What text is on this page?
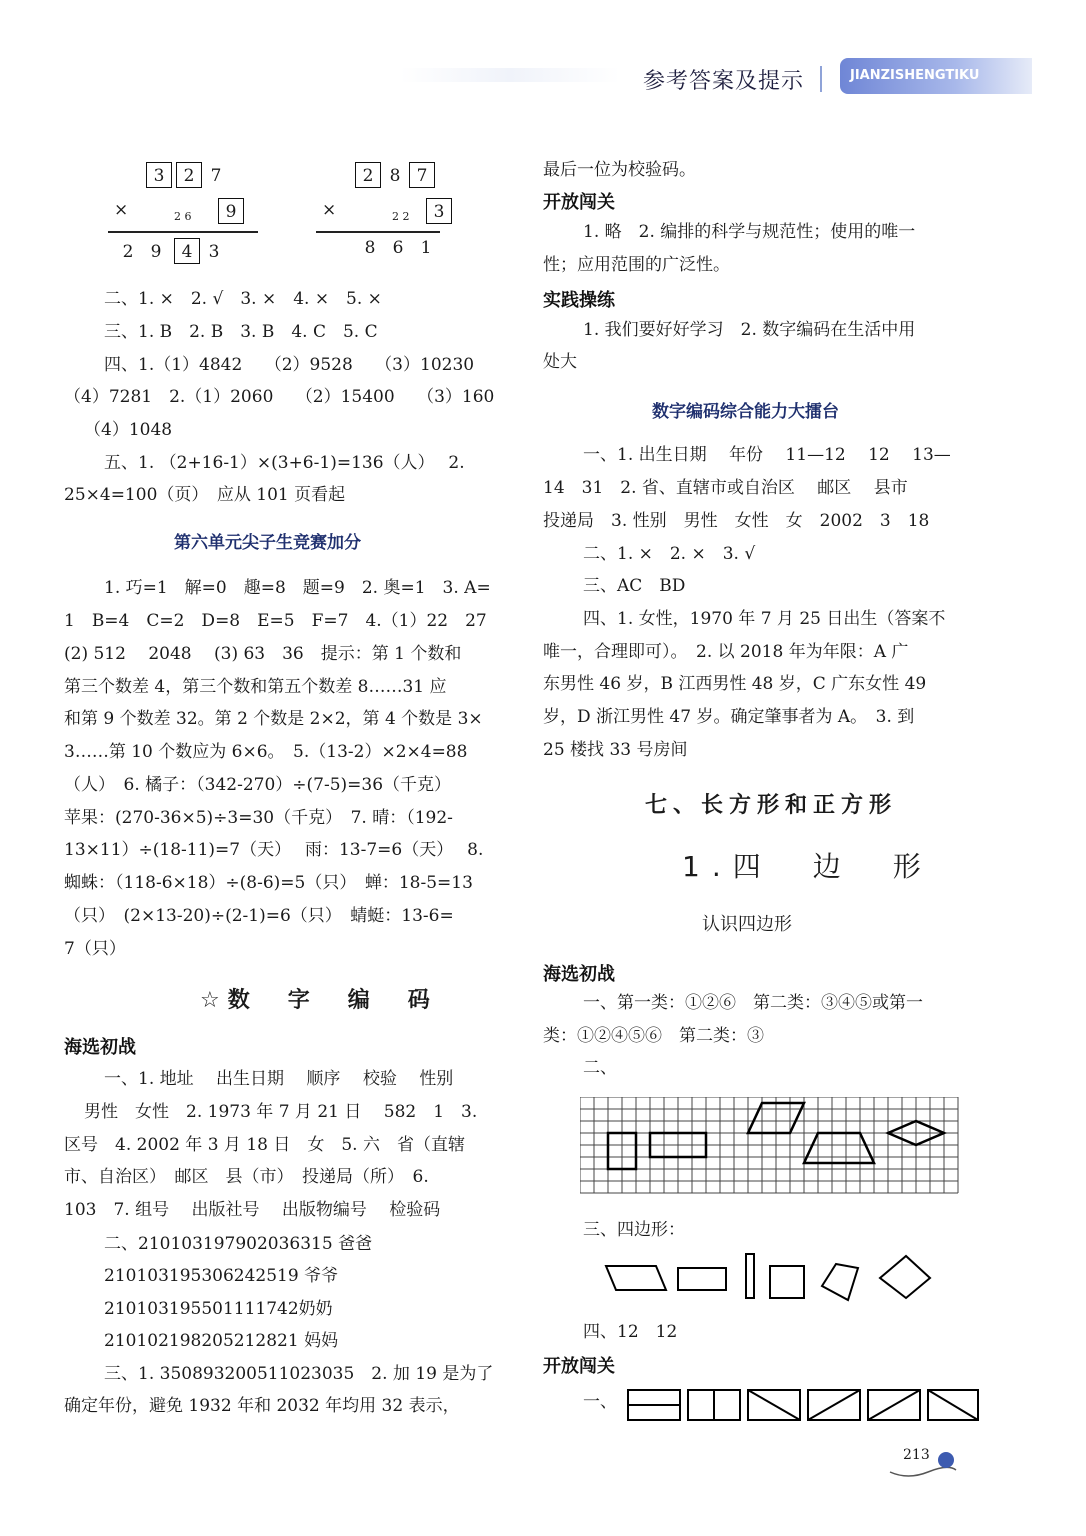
参考答案及提示	JIANZISHENGTIKU
3 2 7
×	2 6	9
2 9 4 3
2 8 7
×	2 2	3
8 6 1
二、1. ×　2. √　3. ×　4. ×　5. ×
三、1. B　2. B　3. B　4. C　5. C
四、1.（1）4842　 （2）9528　 （3）10230
（4）7281　2.（1）2060　 （2）15400　 （3）160
（4）1048
五、1. （2+16-1）×(3+6-1)=136（人）　 2.
25×4=100（页）　应从 101 页看起
第六单元尖子生竞赛加分
1. 巧=1　解=0　趣=8　题=9　2. 奥=1　3. A=
1　B=4　C=2　D=8　E=5　F=7　4.（1）22　27
(2) 512　 2048　 (3) 63　36　提示：第 1 个数和
第三个数差 4，第三个数和第五个数差 8……31 应
和第 9 个数差 32。第 2 个数是 2×2，第 4 个数是 3×
3……第 10 个数应为 6×6。　5.（13-2）×2×4=88
（人）　6. 橘子：（342-270）÷(7-5)=36（千克）
苹果：(270-36×5)÷3=30（千克）　7. 晴：（192-
13×11）÷(18-11)=7（天）　 雨：13-7=6（天）　 8.
蜘蛛：（118-6×18）÷(8-6)=5（只）　蝉：18-5=13
（只）　(2×13-20)÷(2-1)=6（只）　蜻蜓：13-6=
7（只）
☆数　字　编　码
海选初战
一、1. 地址　 出生日期　 顺序　 校验　 性别
男性　女性　2. 1973 年 7 月 21 日　 582　1　3.
区号　4. 2002 年 3 月 18 日　女　5. 六　省（直辖
市、自治区）　邮区　县（市）　投递局（所）　6.
103　7. 组号　 出版社号　 出版物编号　 检验码
二、210103197902036315 爸爸
210103195306242519 爷爷
210103195501111742奶奶
210102198205212821 妈妈
三、1. 350893200511023035　2. 加 19 是为了
确定年份，避免 1932 年和 2032 年均用 32 表示，
最后一位为校验码。
开放闯关
1. 略　2. 编排的科学与规范性；使用的唯一
性；应用范围的广泛性。
实践操练
1. 我们要好好学习　2. 数字编码在生活中用
处大
数字编码综合能力大擂台
一、1. 出生日期　 年份　 11—12　 12　 13—
14　31　2. 省、直辖市或自治区　 邮区　 县市
投递局　3. 性别　男性　女性　女　2002　3　18
二、1. ×　2. ×　3. √
三、AC　BD
四、1. 女性，1970 年 7 月 25 日出生（答案不
唯一，合理即可）。　2. 以 2018 年为年限：A 广
东男性 46 岁，B 江西男性 48 岁，C 广东女性 49
岁，D 浙江男性 47 岁。确定肇事者为 A。　3. 到
25 楼找 33 号房间
七、长方形和正方形
1.四　边　形
认识四边形
海选初战
一、第一类：①②⑥　第二类：③④⑤或第一
类：①②④⑤⑥　第二类：③
二、
三、四边形：
四、12　12
开放闯关
一、
213
